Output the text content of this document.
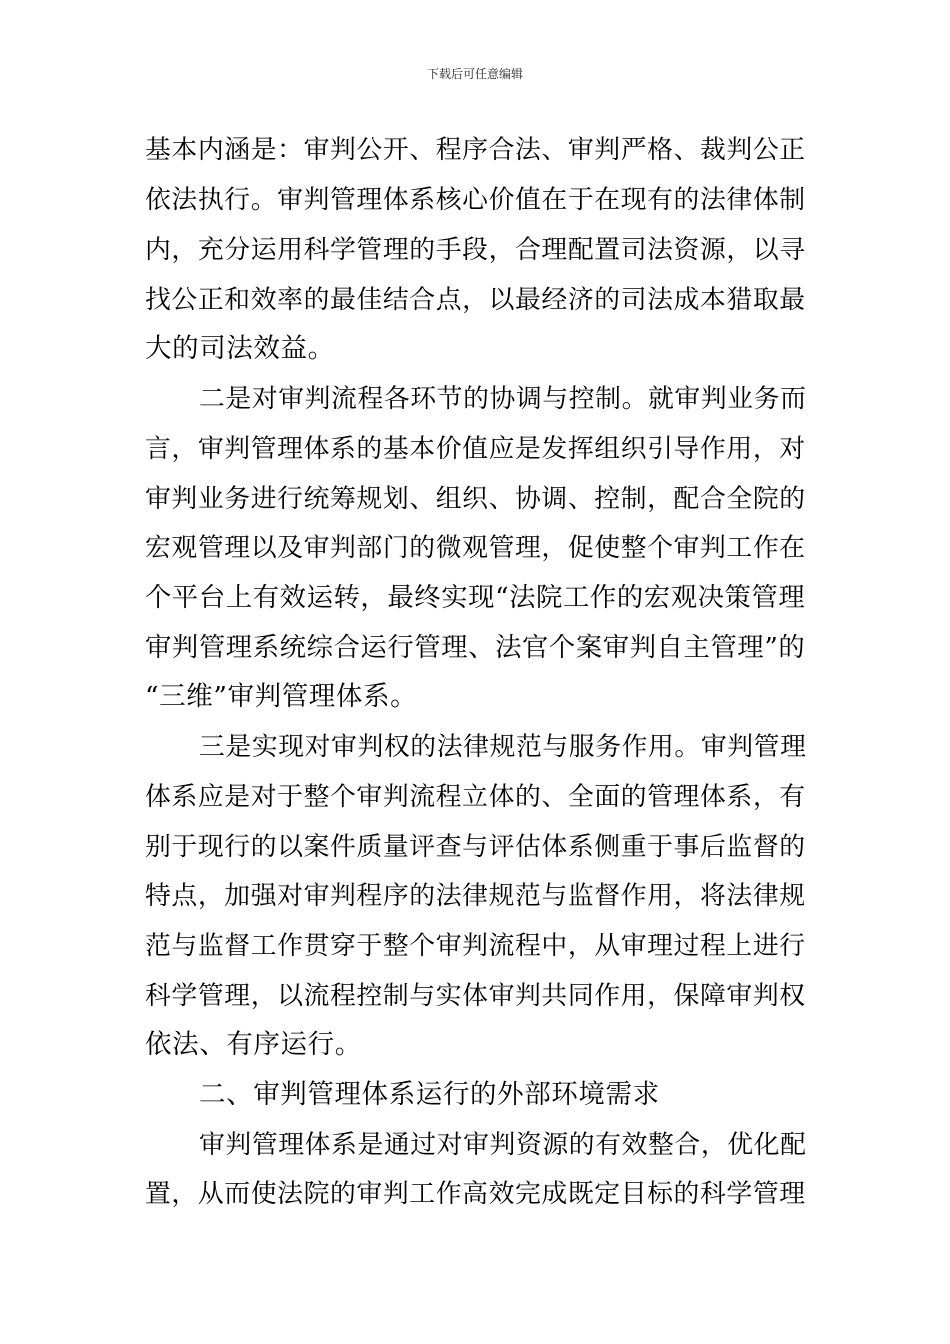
下载后可任意编辑
基本内涵是：审判公开、程序合法、审判严格、裁判公正
依法执行。审判管理体系核心价值在于在现有的法律体制
内，充分运用科学管理的手段，合理配置司法资源，以寻
找公正和效率的最佳结合点，以最经济的司法成本猎取最
大的司法效益。
二是对审判流程各环节的协调与控制。就审判业务而
言，审判管理体系的基本价值应是发挥组织引导作用，对
审判业务进行统筹规划、组织、协调、控制，配合全院的
宏观管理以及审判部门的微观管理，促使整个审判工作在
个平台上有效运转，最终实现“法院工作的宏观决策管理
审判管理系统综合运行管理、法官个案审判自主管理”的
“三维”审判管理体系。
三是实现对审判权的法律规范与服务作用。审判管理
体系应是对于整个审判流程立体的、全面的管理体系，有
别于现行的以案件质量评查与评估体系侧重于事后监督的
特点，加强对审判程序的法律规范与监督作用，将法律规
范与监督工作贯穿于整个审判流程中，从审理过程上进行
科学管理，以流程控制与实体审判共同作用，保障审判权
依法、有序运行。
二、审判管理体系运行的外部环境需求
审判管理体系是通过对审判资源的有效整合，优化配
置，从而使法院的审判工作高效完成既定目标的科学管理
